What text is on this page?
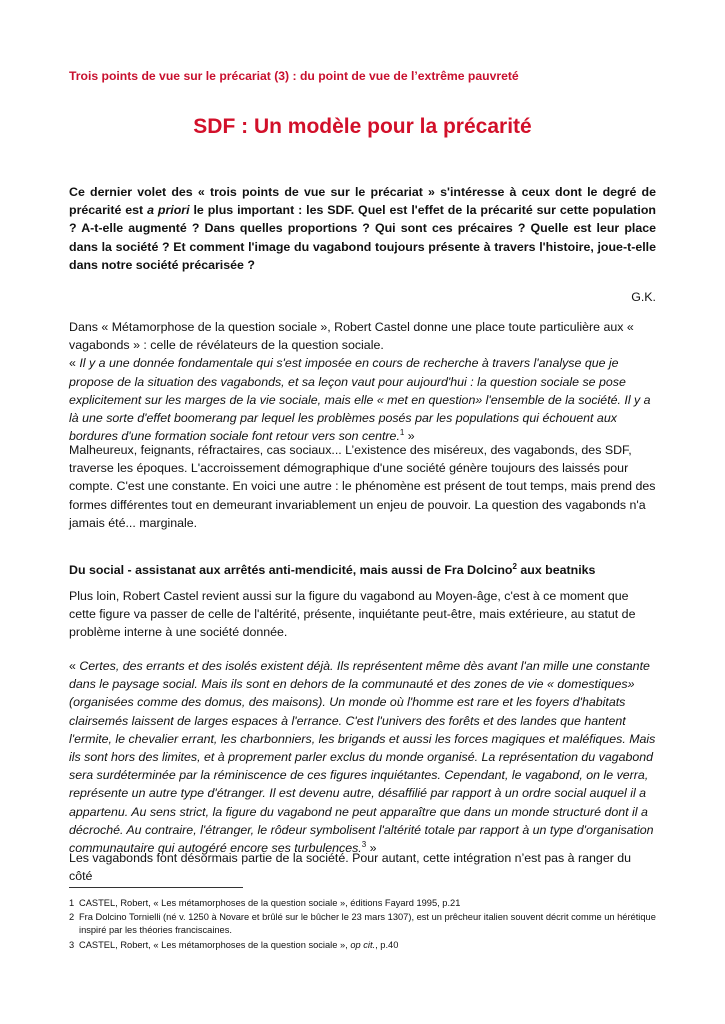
Trois points de vue sur le précariat (3) : du point de vue de l’extrême pauvreté
SDF : Un modèle pour la précarité

Ce dernier volet des « trois points de vue sur le précariat » s'intéresse à ceux dont le degré de précarité est a priori le plus important : les SDF. Quel est l'effet de la précarité sur cette population ? A-t-elle augmenté ? Dans quelles proportions ? Qui sont ces précaires ? Quelle est leur place dans la société ? Et comment l'image du vagabond toujours présente à travers l'histoire, joue-t-elle dans notre société précarisée ?

G.K.

Dans « Métamorphose de la question sociale », Robert Castel donne une place toute particulière aux « vagabonds » : celle de révélateurs de la question sociale.

« Il y a une donnée fondamentale qui s'est imposée en cours de recherche à travers l'analyse que je propose de la situation des vagabonds, et sa leçon vaut pour aujourd'hui : la question sociale se pose explicitement sur les marges de la vie sociale, mais elle « met en question» l'ensemble de la société. Il y a là une sorte d'effet boomerang par lequel les problèmes posés par les populations qui échouent aux bordures d'une formation sociale font retour vers son centre.$^1$ »

Malheureux, feignants, réfractaires, cas sociaux... L’existence des miséreux, des vagabonds, des SDF, traverse les époques. L'accroissement démographique d'une société génère toujours des laissés pour compte. C'est une constante. En voici une autre : le phénomène est présent de tout temps, mais prend des formes différentes tout en demeurant invariablement un enjeu de pouvoir. La question des vagabonds n'a jamais été... marginale.
Du social - assistanat aux arrêtés anti-mendicité, mais aussi de Fra Dolcino$^2$ aux beatniks
Plus loin, Robert Castel revient aussi sur la figure du vagabond au Moyen-âge, c'est à ce moment que cette figure va passer de celle de l'altérité, présente, inquiétante peut-être, mais extérieure, au statut de problème interne à une société donnée.
« Certes, des errants et des isolés existent déjà. Ils représentent même dès avant l'an mille une constante dans le paysage social. Mais ils sont en dehors de la communauté et des zones de vie « domestiques» (organisées comme des domus, des maisons). Un monde où l'homme est rare et les foyers d'habitats clairsemés laissent de larges espaces à l'errance. C'est l'univers des forêts et des landes que hantent l'ermite, le chevalier errant, les charbonniers, les brigands et aussi les forces magiques et maléfiques. Mais ils sont hors des limites, et à proprement parler exclus du monde organisé. La représentation du vagabond sera surdéterminée par la réminiscence de ces figures inquiétantes. Cependant, le vagabond, on le verra, représente un autre type d'étranger. Il est devenu autre, désaffilié par rapport à un ordre social auquel il a appartenu. Au sens strict, la figure du vagabond ne peut apparaître que dans un monde structuré dont il a décroché. Au contraire, l'étranger, le rôdeur symbolisent l'altérité totale par rapport à un type d'organisation communautaire qui autogéré encore ses turbulences.$^3$ »
Les vagabonds font désormais partie de la société. Pour autant, cette intégration n’est pas à ranger du côté
1 CASTEL, Robert, « Les métamorphoses de la question sociale », éditions Fayard 1995, p.21
2 Fra Dolcino Tornielli (né v. 1250 à Novare et brûlé sur le bûcher le 23 mars 1307), est un prêcheur italien souvent décrit comme un hérétique inspiré par les théories franciscaines.
3 CASTEL, Robert, « Les métamorphoses de la question sociale », op cit., p.40
